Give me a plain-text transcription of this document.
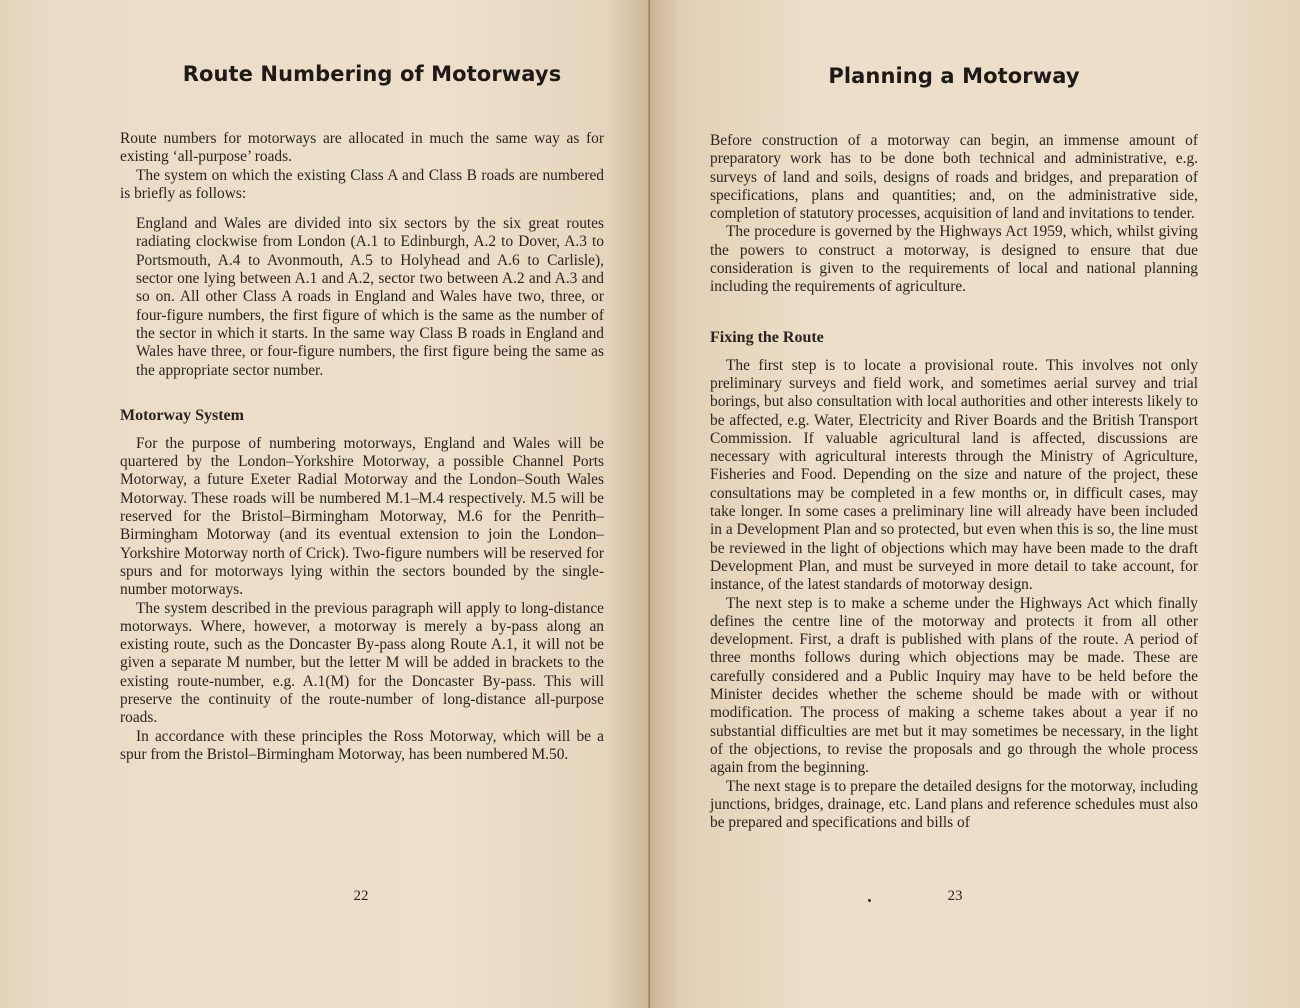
Route Numbering of Motorways

Route numbers for motorways are allocated in much the same way as for existing ‘all-purpose’ roads.

The system on which the existing Class A and Class B roads are numbered is briefly as follows:

England and Wales are divided into six sectors by the six great routes radiating clockwise from London (A.1 to Edinburgh, A.2 to Dover, A.3 to Portsmouth, A.4 to Avonmouth, A.5 to Holyhead and A.6 to Carlisle), sector one lying between A.1 and A.2, sector two between A.2 and A.3 and so on. All other Class A roads in England and Wales have two, three, or four-figure numbers, the first figure of which is the same as the number of the sector in which it starts. In the same way Class B roads in England and Wales have three, or four-figure numbers, the first figure being the same as the appropriate sector number.

Motorway System

For the purpose of numbering motorways, England and Wales will be quartered by the London–Yorkshire Motorway, a possible Channel Ports Motorway, a future Exeter Radial Motorway and the London–South Wales Motorway. These roads will be numbered M.1–M.4 respectively. M.5 will be reserved for the Bristol–Birmingham Motorway, M.6 for the Penrith–Birmingham Motorway (and its eventual extension to join the London–Yorkshire Motorway north of Crick). Two-figure numbers will be reserved for spurs and for motorways lying within the sectors bounded by the single-number motorways.

The system described in the previous paragraph will apply to long-distance motorways. Where, however, a motorway is merely a by-pass along an existing route, such as the Doncaster By-pass along Route A.1, it will not be given a separate M number, but the letter M will be added in brackets to the existing route-number, e.g. A.1(M) for the Doncaster By-pass. This will preserve the continuity of the route-number of long-distance all-purpose roads.

In accordance with these principles the Ross Motorway, which will be a spur from the Bristol–Birmingham Motorway, has been numbered M.50.

22
Planning a Motorway

Before construction of a motorway can begin, an immense amount of preparatory work has to be done both technical and administrative, e.g. surveys of land and soils, designs of roads and bridges, and preparation of specifications, plans and quantities; and, on the administrative side, completion of statutory processes, acquisition of land and invitations to tender.

The procedure is governed by the Highways Act 1959, which, whilst giving the powers to construct a motorway, is designed to ensure that due consideration is given to the requirements of local and national planning including the requirements of agriculture.

Fixing the Route

The first step is to locate a provisional route. This involves not only preliminary surveys and field work, and sometimes aerial survey and trial borings, but also consultation with local authorities and other interests likely to be affected, e.g. Water, Electricity and River Boards and the British Transport Commission. If valuable agricultural land is affected, discussions are necessary with agricultural interests through the Ministry of Agriculture, Fisheries and Food. Depending on the size and nature of the project, these consultations may be completed in a few months or, in difficult cases, may take longer. In some cases a preliminary line will already have been included in a Development Plan and so protected, but even when this is so, the line must be reviewed in the light of objections which may have been made to the draft Development Plan, and must be surveyed in more detail to take account, for instance, of the latest standards of motorway design.

The next step is to make a scheme under the Highways Act which finally defines the centre line of the motorway and protects it from all other development. First, a draft is published with plans of the route. A period of three months follows during which objections may be made. These are carefully considered and a Public Inquiry may have to be held before the Minister decides whether the scheme should be made with or without modification. The process of making a scheme takes about a year if no substantial difficulties are met but it may sometimes be necessary, in the light of the objections, to revise the proposals and go through the whole process again from the beginning.

The next stage is to prepare the detailed designs for the motorway, including junctions, bridges, drainage, etc. Land plans and reference schedules must also be prepared and specifications and bills of

23
